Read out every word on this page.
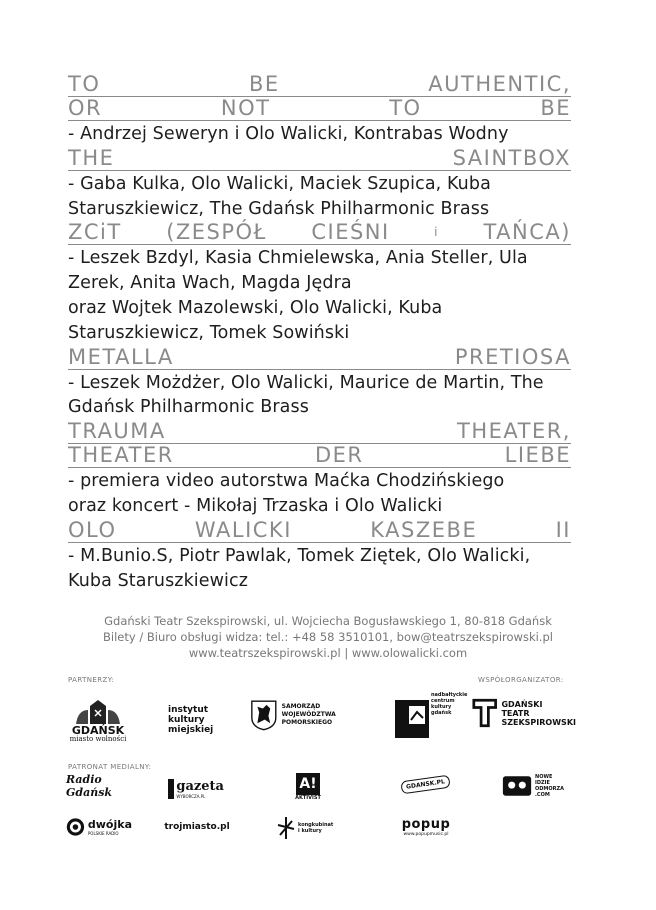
TO	BE	AUTHENTIC,
OR	NOT	TO	BE
- Andrzej Seweryn i Olo Walicki, Kontrabas Wodny
THE	SAINTBOX
- Gaba Kulka, Olo Walicki, Maciek Szupica, Kuba Staruszkiewicz, The Gdańsk Philharmonic Brass
ZCiT (ZESPÓŁ CIEŚNI	i TAŃCA)
- Leszek Bzdyl, Kasia Chmielewska, Ania Steller, Ula Zerek, Anita Wach, Magda Jędra
oraz Wojtek Mazolewski, Olo Walicki, Kuba Staruszkiewicz, Tomek Sowiński
METALLA	PRETIOSA
- Leszek Możdżer, Olo Walicki, Maurice de Martin, The Gdańsk Philharmonic Brass
TRAUMA	THEATER,
THEATER	DER	LIEBE
- premiera video autorstwa Maćka Chodzińskiego
oraz koncert - Mikołaj Trzaska i Olo Walicki
OLO	WALICKI	KASZEBE	II
- M.Bunio.S, Piotr Pawlak, Tomek Ziętek, Olo Walicki, Kuba Staruszkiewicz
Gdański Teatr Szekspirowski, ul. Wojciecha Bogusławskiego 1, 80-818 Gdańsk
Bilety / Biuro obsługi widza: tel.: +48 58 3510101, bow@teatrszekspirowski.pl
www.teatrszekspirowski.pl | www.olowalicki.com
PARTNERZY:	WSPÓŁORGANIZATOR:
PATRONAT MEDIALNY:
GDAŃSK
miasto wolności
instytut
kultury
miejskiej
SAMORZĄD
WOJEWÓDZTWA POMORSKIEGO
nadbałtyckie
centrum kultury
gdańsk
GDAŃSKI
TEATR
SZEKSPIROWSKI
Radio Gdańsk	gazeta
WYBORCZA.PL
A!
AKTIVIST
GDANSK.PL
NOWE
IDZIE
ODMORZA
.COM
dwójka
POLSKIE RADIO
trojmiasto.pl	kongkubinat
i kultury	popup
www.popupmusic.pl
